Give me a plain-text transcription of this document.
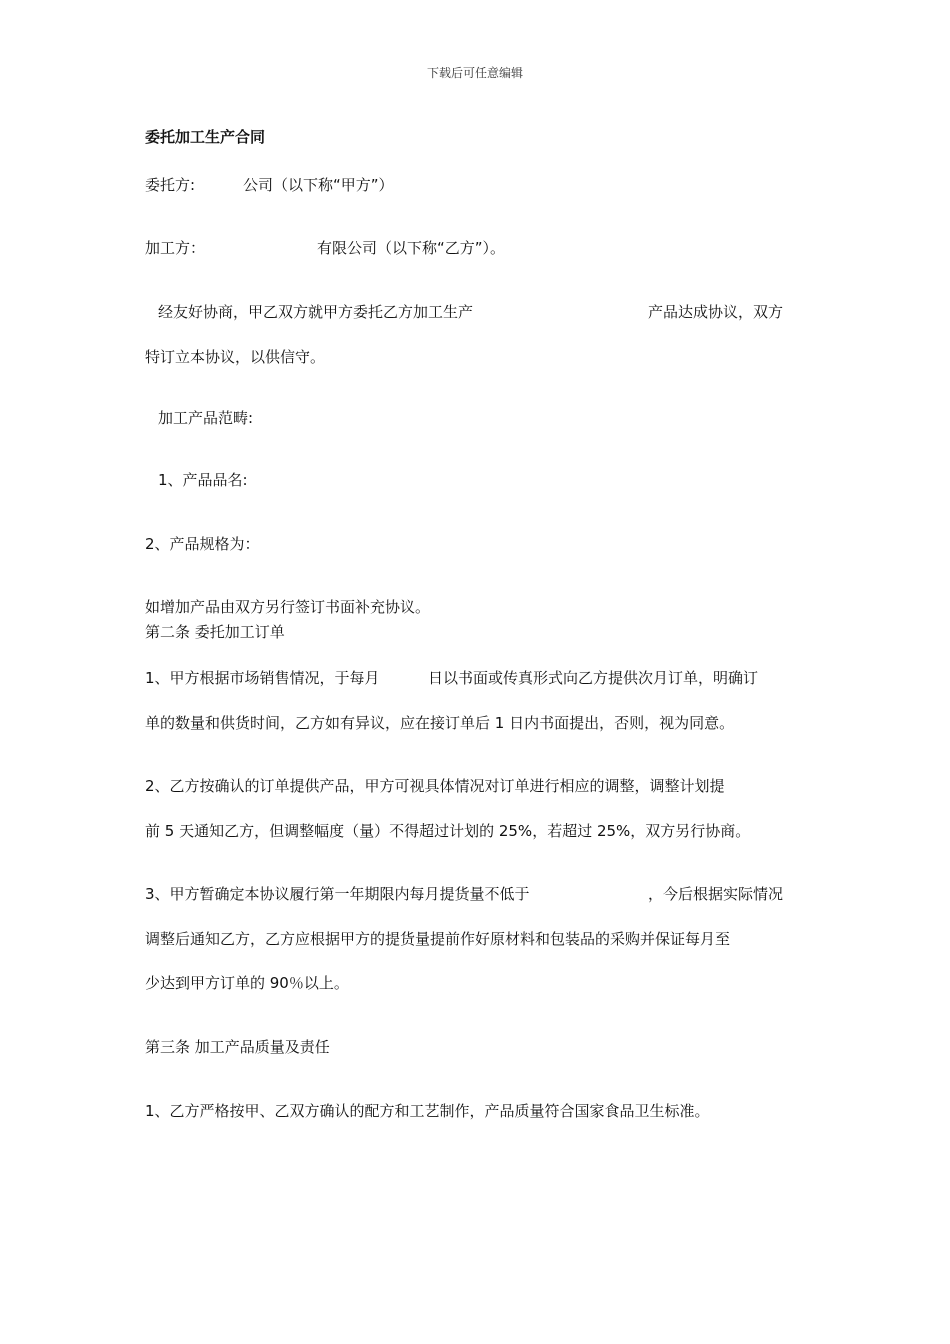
下载后可任意编辑
委托加工生产合同
委托方:	公司（以下称“甲方”）
加工方：	有限公司（以下称“乙方”）。
经友好协商，甲乙双方就甲方委托乙方加工生产	产品达成协议，双方
特订立本协议，以供信守。
加工产品范畴:
1、产品品名:
2、产品规格为：
如增加产品由双方另行签订书面补充协议。
第二条 委托加工订单
1、甲方根据市场销售情况，于每月	日以书面或传真形式向乙方提供次月订单，明确订
单的数量和供货时间，乙方如有异议，应在接订单后 1 日内书面提出，否则，视为同意。
2、乙方按确认的订单提供产品，甲方可视具体情况对订单进行相应的调整，调整计划提
前 5 天通知乙方，但调整幅度（量）不得超过计划的 25%，若超过 25%，双方另行协商。
3、甲方暂确定本协议履行第一年期限内每月提货量不低于	，今后根据实际情况
调整后通知乙方，乙方应根据甲方的提货量提前作好原材料和包装品的采购并保证每月至
少达到甲方订单的 90％以上。
第三条 加工产品质量及责任
1、乙方严格按甲、乙双方确认的配方和工艺制作，产品质量符合国家食品卫生标准。
